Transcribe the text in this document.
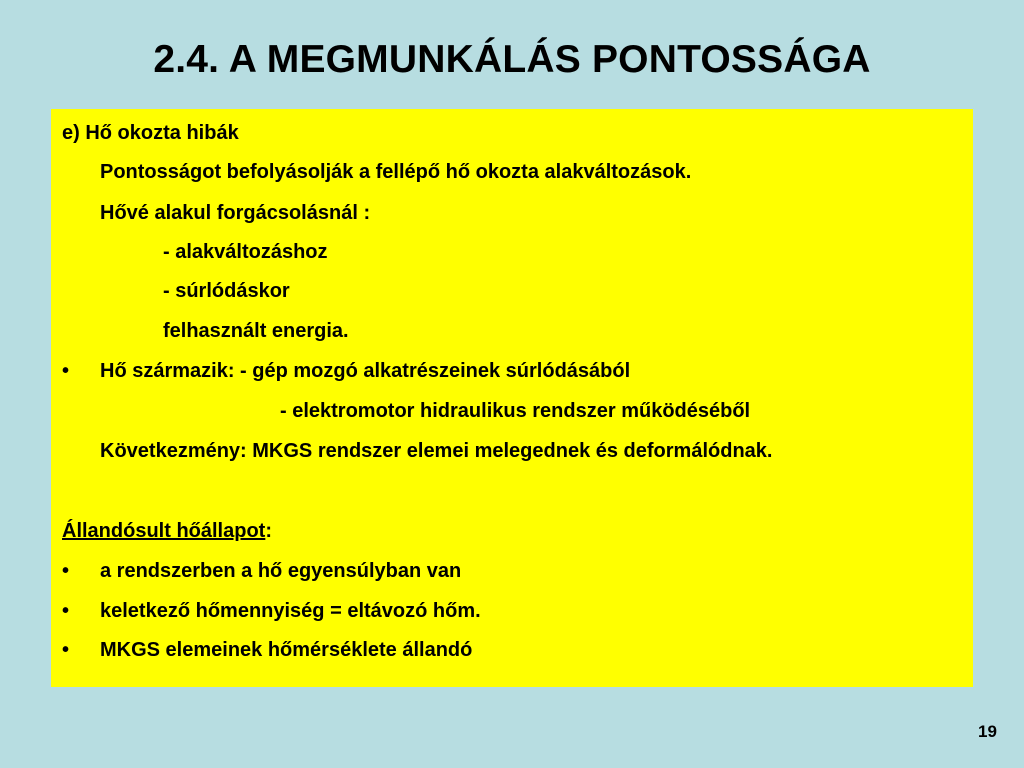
2.4. A MEGMUNKÁLÁS PONTOSSÁGA
e) Hő okozta hibák
Pontosságot befolyásolják a fellépő hő okozta alakváltozások.
Hővé alakul forgácsolásnál :
- alakváltozáshoz
- súrlódáskor
felhasznált energia.
• Hő származik: - gép mozgó alkatrészeinek súrlódásából
- elektromotor hidraulikus rendszer működéséből
Következmény: MKGS rendszer elemei melegednek és deformálódnak.
Állandósult hőállapot:
• a rendszerben a hő egyensúlyban van
• keletkező hőmennyiség = eltávozó hőm.
• MKGS elemeinek hőmérséklete állandó
19
